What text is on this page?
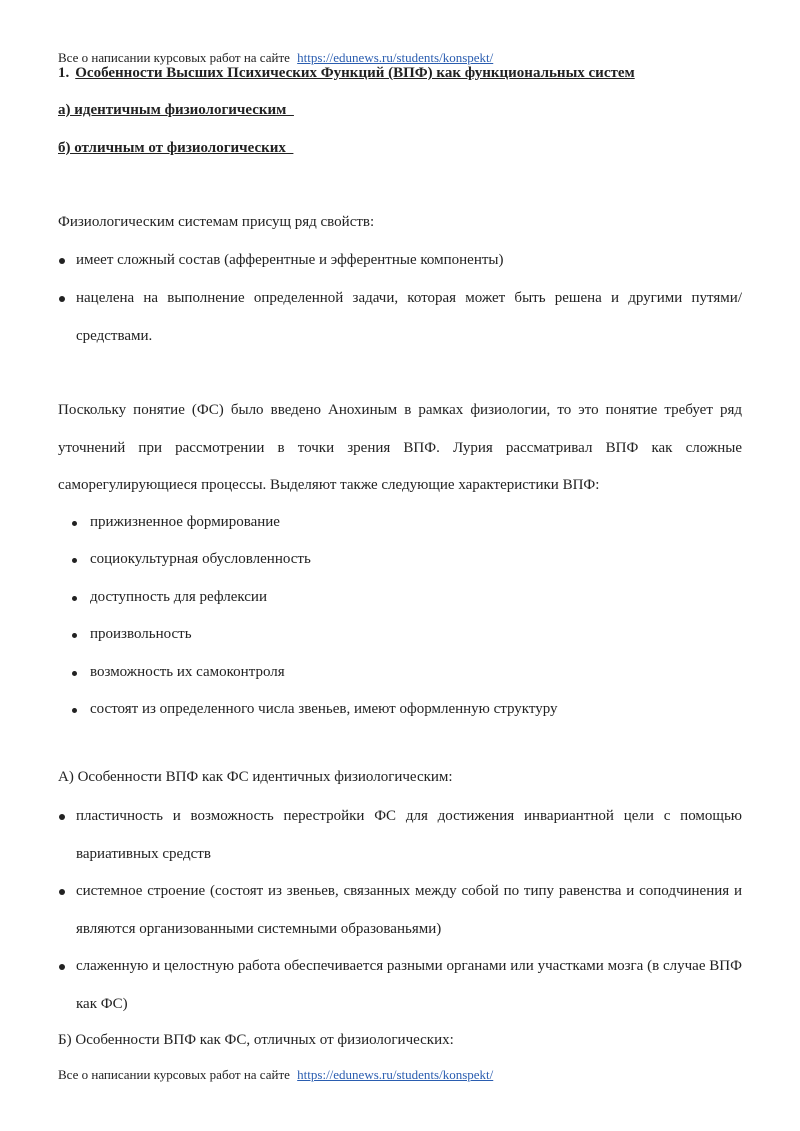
Все о написании курсовых работ на сайте https://edunews.ru/students/konspekt/
1. Особенности Высших Психических Функций (ВПФ) как функциональных систем
а) идентичным физиологическим
б) отличным от физиологических
Физиологическим системам присущ ряд свойств:
имеет сложный состав (афферентные и эфферентные компоненты)
нацелена на выполнение определенной задачи, которая может быть решена и другими путями/средствами.
Поскольку понятие (ФС) было введено Анохиным в рамках физиологии, то это понятие требует ряд уточнений при рассмотрении в точки зрения ВПФ. Лурия рассматривал ВПФ как сложные саморегулирующиеся процессы. Выделяют также следующие характеристики ВПФ:
прижизненное формирование
социокультурная обусловленность
доступность для рефлексии
произвольность
возможность их самоконтроля
состоят из определенного числа звеньев, имеют оформленную структуру
А) Особенности ВПФ как ФС идентичных физиологическим:
пластичность и возможность перестройки ФС для достижения инвариантной цели с помощью вариативных средств
системное строение (состоят из звеньев, связанных между собой по типу равенства и соподчинения и являются организованными системными образованьями)
слаженную и целостную работа обеспечивается разными органами или участками мозга (в случае ВПФ как ФС)
Б) Особенности ВПФ как ФС, отличных от физиологических:
Все о написании курсовых работ на сайте https://edunews.ru/students/konspekt/
